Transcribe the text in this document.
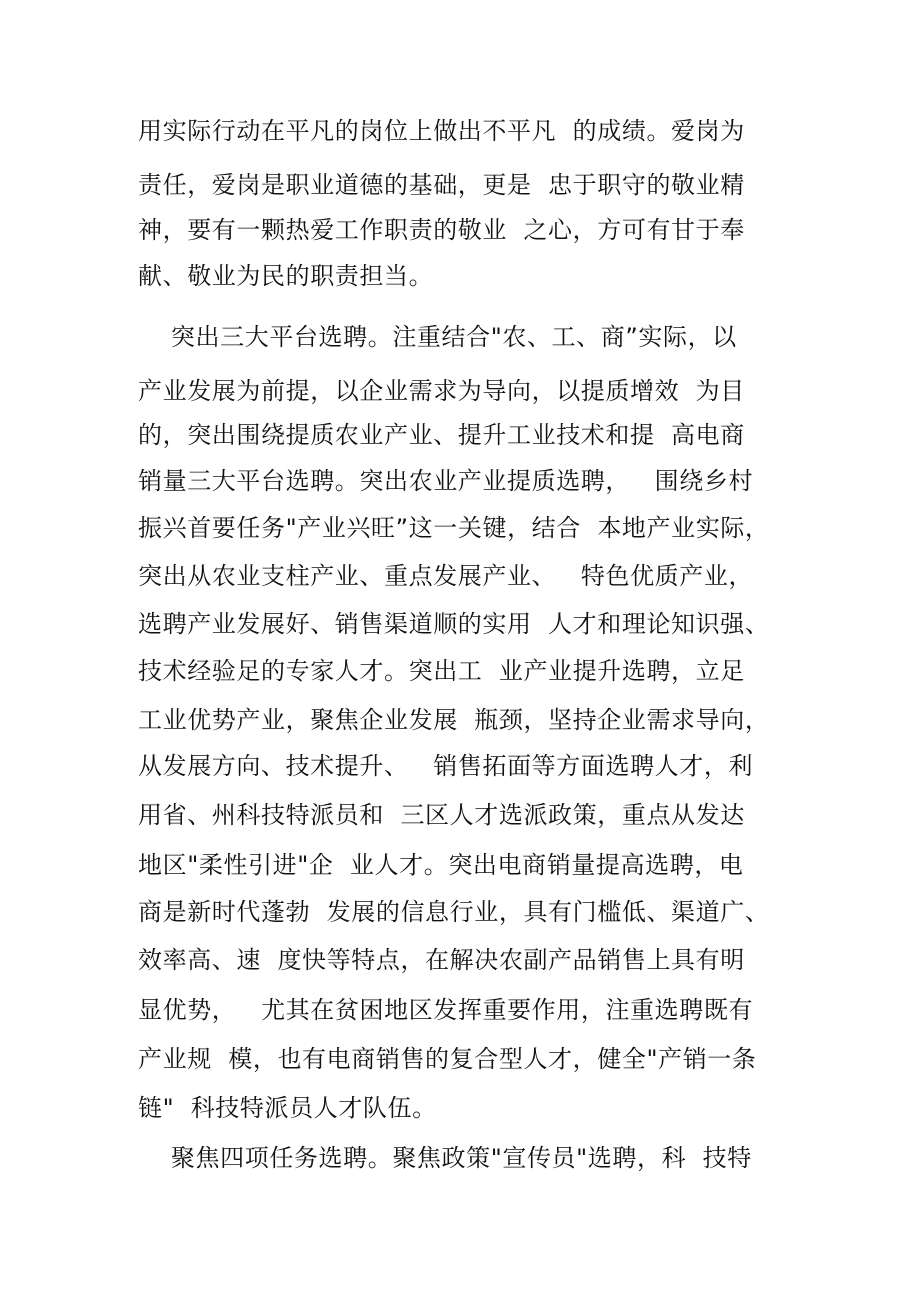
用实际行动在平凡的岗位上做出不平凡  的成绩。爱岗为
责任，爱岗是职业道德的基础，更是  忠于职守的敬业精
神，要有一颗热爱工作职责的敬业  之心，方可有甘于奉
献、敬业为民的职责担当。
突出三大平台选聘。注重结合"农、工、商”实际，以
产业发展为前提，以企业需求为导向，以提质增效  为目
的，突出围绕提质农业产业、提升工业技术和提  高电商
销量三大平台选聘。突出农业产业提质选聘，   围绕乡村
振兴首要任务"产业兴旺”这一关键，结合  本地产业实际，
突出从农业支柱产业、重点发展产业、   特色优质产业，
选聘产业发展好、销售渠道顺的实用  人才和理论知识强、
技术经验足的专家人才。突出工  业产业提升选聘，立足
工业优势产业，聚焦企业发展  瓶颈，坚持企业需求导向，
从发展方向、技术提升、   销售拓面等方面选聘人才，利
用省、州科技特派员和  三区人才选派政策，重点从发达
地区"柔性引进"企  业人才。突出电商销量提高选聘，电
商是新时代蓬勃  发展的信息行业，具有门槛低、渠道广、
效率高、速  度快等特点，在解决农副产品销售上具有明
显优势，   尤其在贫困地区发挥重要作用，注重选聘既有
产业规  模，也有电商销售的复合型人才，健全"产销一条
链"  科技特派员人才队伍。
聚焦四项任务选聘。聚焦政策"宣传员"选聘，科  技特
